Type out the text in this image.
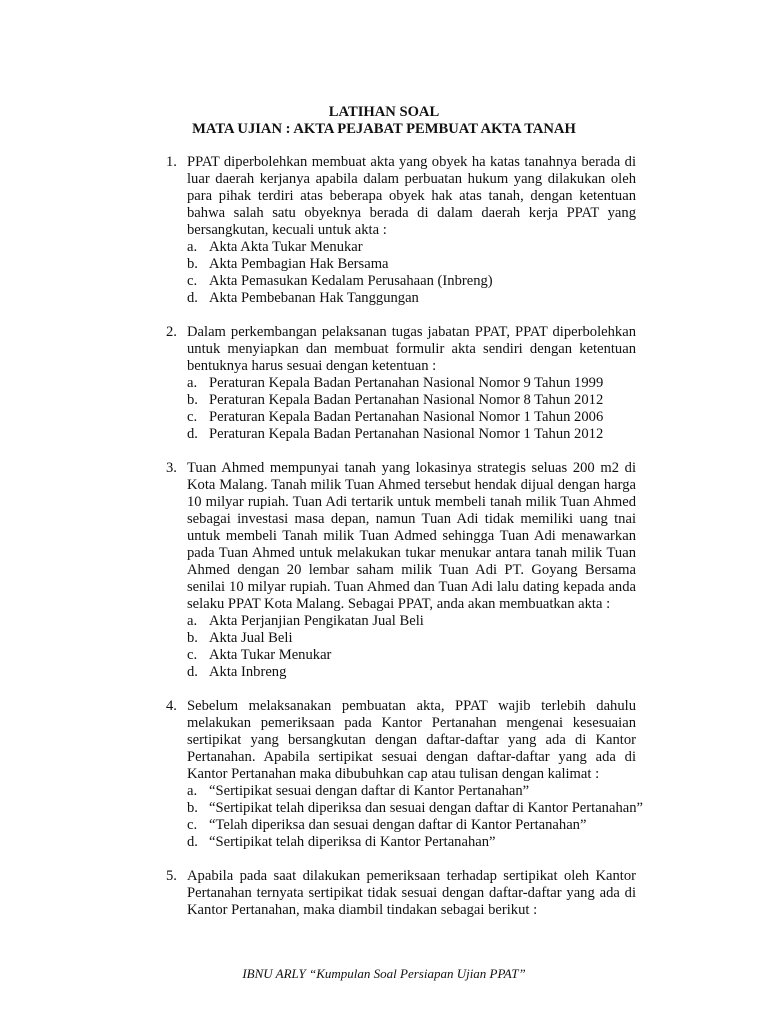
LATIHAN SOAL
MATA UJIAN : AKTA PEJABAT PEMBUAT AKTA TANAH
1. PPAT diperbolehkan membuat akta yang obyek ha katas tanahnya berada di luar daerah kerjanya apabila dalam perbuatan hukum yang dilakukan oleh para pihak terdiri atas beberapa obyek hak atas tanah, dengan ketentuan bahwa salah satu obyeknya berada di dalam daerah kerja PPAT yang bersangkutan, kecuali untuk akta :
a. Akta Akta Tukar Menukar
b. Akta Pembagian Hak Bersama
c. Akta Pemasukan Kedalam Perusahaan (Inbreng)
d. Akta Pembebanan Hak Tanggungan
2. Dalam perkembangan pelaksanan tugas jabatan PPAT, PPAT diperbolehkan untuk menyiapkan dan membuat formulir akta sendiri dengan ketentuan bentuknya harus sesuai dengan ketentuan :
a. Peraturan Kepala Badan Pertanahan Nasional Nomor 9 Tahun 1999
b. Peraturan Kepala Badan Pertanahan Nasional Nomor 8 Tahun 2012
c. Peraturan Kepala Badan Pertanahan Nasional Nomor 1 Tahun 2006
d. Peraturan Kepala Badan Pertanahan Nasional Nomor 1 Tahun 2012
3. Tuan Ahmed mempunyai tanah yang lokasinya strategis seluas 200 m2 di Kota Malang. Tanah milik Tuan Ahmed tersebut hendak dijual dengan harga 10 milyar rupiah. Tuan Adi tertarik untuk membeli tanah milik Tuan Ahmed sebagai investasi masa depan, namun Tuan Adi tidak memiliki uang tnai untuk membeli Tanah milik Tuan Admed sehingga Tuan Adi menawarkan pada Tuan Ahmed untuk melakukan tukar menukar antara tanah milik Tuan Ahmed dengan 20 lembar saham milik Tuan Adi PT. Goyang Bersama senilai 10 milyar rupiah. Tuan Ahmed dan Tuan Adi lalu dating kepada anda selaku PPAT Kota Malang. Sebagai PPAT, anda akan membuatkan akta :
a. Akta Perjanjian Pengikatan Jual Beli
b. Akta Jual Beli
c. Akta Tukar Menukar
d. Akta Inbreng
4. Sebelum melaksanakan pembuatan akta, PPAT wajib terlebih dahulu melakukan pemeriksaan pada Kantor Pertanahan mengenai kesesuaian sertipikat yang bersangkutan dengan daftar-daftar yang ada di Kantor Pertanahan. Apabila sertipikat sesuai dengan daftar-daftar yang ada di Kantor Pertanahan maka dibubuhkan cap atau tulisan dengan kalimat :
a. “Sertipikat sesuai dengan daftar di Kantor Pertanahan”
b. “Sertipikat telah diperiksa dan sesuai dengan daftar di Kantor Pertanahan”
c. “Telah diperiksa dan sesuai dengan daftar di Kantor Pertanahan”
d. “Sertipikat telah diperiksa di Kantor Pertanahan”
5. Apabila pada saat dilakukan pemeriksaan terhadap sertipikat oleh Kantor Pertanahan ternyata sertipikat tidak sesuai dengan daftar-daftar yang ada di Kantor Pertanahan, maka diambil tindakan sebagai berikut :
IBNU ARLY “Kumpulan Soal Persiapan Ujian PPAT”
